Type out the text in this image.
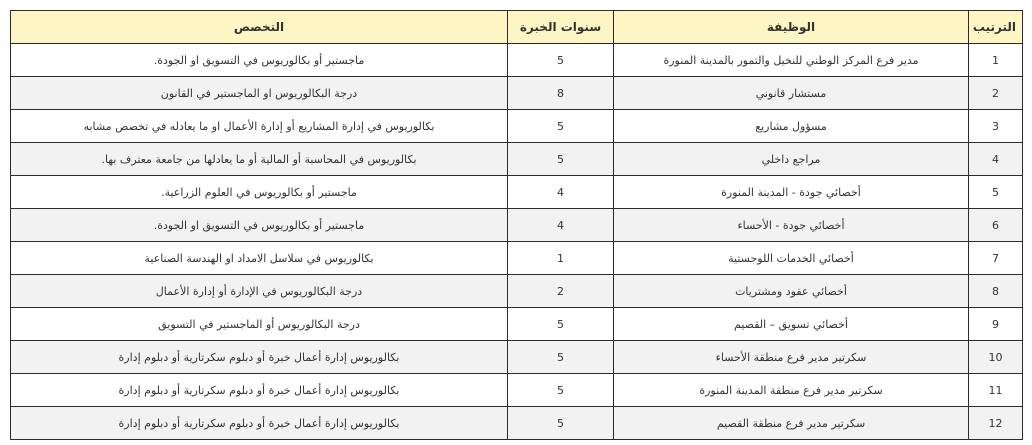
الترتيب	الوظيفة	سنوات الخبرة	التخصص
1	مدير فرع المركز الوطني للنخيل والتمور بالمدينة المنورة	5	ماجستير أو بكالوريوس في التسويق او الجودة.
2	مستشار قانوني	8	درجة البكالوريوس او الماجستير في القانون
3	مسؤول مشاريع	5	بكالوريوس في إدارة المشاريع أو إدارة الأعمال او ما يعادله في تخصص مشابه
4	مراجع داخلي	5	بكالوريوس في المحاسبة أو المالية أو ما يعادلها من جامعة معترف بها.
5	أخصائي جودة - المدينة المنورة	4	ماجستير أو بكالوريوس في العلوم الزراعية.
6	أخصائي جودة - الأحساء	4	ماجستير أو بكالوريوس في التسويق او الجودة.
7	أخصائي الخدمات اللوجستية	1	بكالوريوس في سلاسل الامداد او الهندسة الصناعية
8	أخصائي عقود ومشتريات	2	درجة البكالوريوس في الإدارة أو إدارة الأعمال
9	أخصائي تسويق – القصيم	5	درجة البكالوريوس أو الماجستير في التسويق
10	سكرتير مدير فرع منطقة الأحساء	5	بكالوريوس إدارة أعمال خبرة أو دبلوم سكرتارية أو دبلوم إدارة
11	سكرتير مدير فرع منطقة المدينة المنورة	5	بكالوريوس إدارة أعمال خبرة أو دبلوم سكرتارية أو دبلوم إدارة
12	سكرتير مدير فرع منطقة القصيم	5	بكالوريوس إدارة أعمال خبرة أو دبلوم سكرتارية أو دبلوم إدارة
